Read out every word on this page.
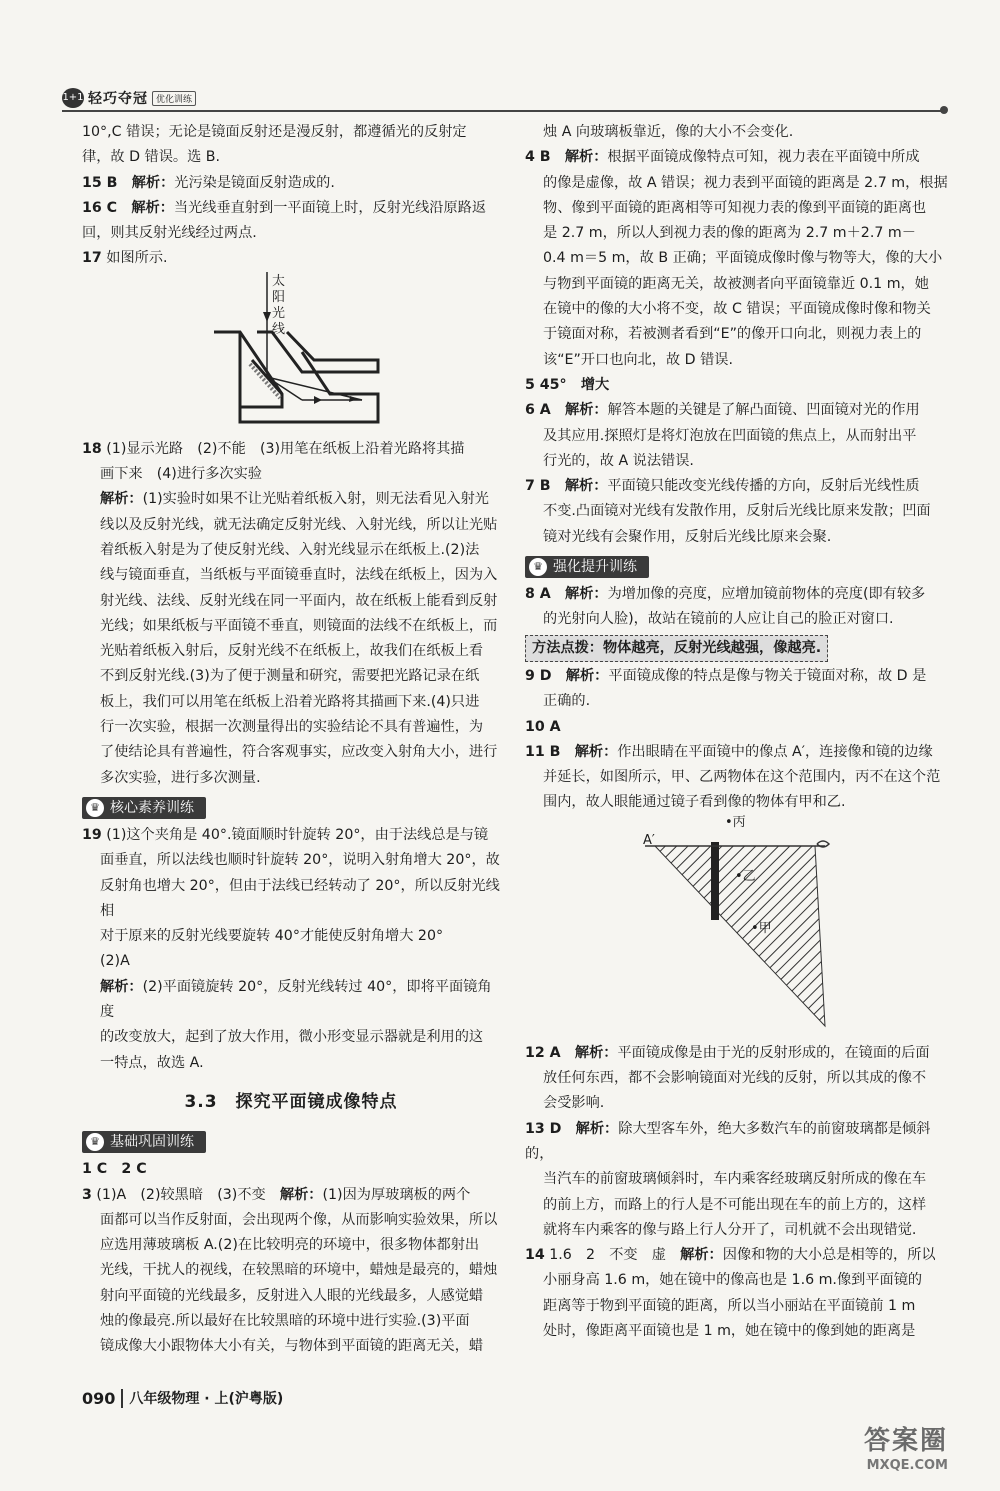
1+1 轻巧夺冠 优化训练

10°,C 错误；无论是镜面反射还是漫反射，都遵循光的反射定

律，故 D 错误。选 B.

15 B　 解析：光污染是镜面反射造成的.

16 C　 解析：当光线垂直射到一平面镜上时，反射光线沿原路返

回，则其反射光线经过两点.

17 如图所示.

太阳光线

18 (1)显示光路　(2)不能　(3)用笔在纸板上沿着光路将其描

画下来　(4)进行多次实验

解析：(1)实验时如果不让光贴着纸板入射，则无法看见入射光

线以及反射光线，就无法确定反射光线、入射光线，所以让光贴

着纸板入射是为了使反射光线、入射光线显示在纸板上.(2)法

线与镜面垂直，当纸板与平面镜垂直时，法线在纸板上，因为入

射光线、法线、反射光线在同一平面内，故在纸板上能看到反射

光线；如果纸板与平面镜不垂直，则镜面的法线不在纸板上，而

光贴着纸板入射后，反射光线不在纸板上，故我们在纸板上看

不到反射光线.(3)为了便于测量和研究，需要把光路记录在纸

板上，我们可以用笔在纸板上沿着光路将其描画下来.(4)只进

行一次实验，根据一次测量得出的实验结论不具有普遍性，为

了使结论具有普遍性，符合客观事实，应改变入射角大小，进行

多次实验，进行多次测量.

♛ 核心素养训练

19 (1)这个夹角是 40°.镜面顺时针旋转 20°，由于法线总是与镜

面垂直，所以法线也顺时针旋转 20°，说明入射角增大 20°，故

反射角也增大 20°，但由于法线已经转动了 20°，所以反射光线相

对于原来的反射光线要旋转 40°才能使反射角增大 20°

(2)A

解析：(2)平面镜旋转 20°，反射光线转过 40°，即将平面镜角度

的改变放大，起到了放大作用，微小形变显示器就是利用的这

一特点，故选 A.

3.3　探究平面镜成像特点
♛ 基础巩固训练

1 C　2 C

3 (1)A　(2)较黑暗　(3)不变　解析：(1)因为厚玻璃板的两个

面都可以当作反射面，会出现两个像，从而影响实验效果，所以

应选用薄玻璃板 A.(2)在比较明亮的环境中，很多物体都射出

光线，干扰人的视线，在较黑暗的环境中，蜡烛是最亮的，蜡烛

射向平面镜的光线最多，反射进入人眼的光线最多，人感觉蜡

烛的像最亮.所以最好在比较黑暗的环境中进行实验.(3)平面

镜成像大小跟物体大小有关，与物体到平面镜的距离无关，蜡

烛 A 向玻璃板靠近，像的大小不会变化.

4 B　 解析：根据平面镜成像特点可知，视力表在平面镜中所成

的像是虚像，故 A 错误；视力表到平面镜的距离是 2.7 m，根据

物、像到平面镜的距离相等可知视力表的像到平面镜的距离也

是 2.7 m，所以人到视力表的像的距离为 2.7 m＋2.7 m－

0.4 m＝5 m，故 B 正确；平面镜成像时像与物等大，像的大小

与物到平面镜的距离无关，故被测者向平面镜靠近 0.1 m，她

在镜中的像的大小将不变，故 C 错误；平面镜成像时像和物关

于镜面对称，若被测者看到“E”的像开口向北，则视力表上的

该“E”开口也向北，故 D 错误.

5 45°　增大

6 A　 解析：解答本题的关键是了解凸面镜、凹面镜对光的作用

及其应用.探照灯是将灯泡放在凹面镜的焦点上，从而射出平

行光的，故 A 说法错误.

7 B　 解析：平面镜只能改变光线传播的方向，反射后光线性质

不变.凸面镜对光线有发散作用，反射后光线比原来发散；凹面

镜对光线有会聚作用，反射后光线比原来会聚.

♛ 强化提升训练

8 A　 解析：为增加像的亮度，应增加镜前物体的亮度(即有较多

的光射向人脸)，故站在镜前的人应让自己的脸正对窗口.

方法点拨：物体越亮，反射光线越强，像越亮.

9 D　 解析：平面镜成像的特点是像与物关于镜面对称，故 D 是

正确的.

10 A

11 B　 解析：作出眼睛在平面镜中的像点 A′，连接像和镜的边缘

并延长，如图所示，甲、乙两物体在这个范围内，丙不在这个范

围内，故人眼能通过镜子看到像的物体有甲和乙.

A′
•丙
•乙
•甲

12 A　 解析：平面镜成像是由于光的反射形成的，在镜面的后面

放任何东西，都不会影响镜面对光线的反射，所以其成的像不

会受影响.

13 D　 解析：除大型客车外，绝大多数汽车的前窗玻璃都是倾斜的，

当汽车的前窗玻璃倾斜时，车内乘客经玻璃反射所成的像在车

的前上方，而路上的行人是不可能出现在车的前上方的，这样

就将车内乘客的像与路上行人分开了，司机就不会出现错觉.

14 1.6　2　不变　虚　解析：因像和物的大小总是相等的，所以

小丽身高 1.6 m，她在镜中的像高也是 1.6 m.像到平面镜的

距离等于物到平面镜的距离，所以当小丽站在平面镜前 1 m

处时，像距离平面镜也是 1 m，她在镜中的像到她的距离是

090	八年级物理 · 上(沪粤版)
答案圈
MXQE.COM
